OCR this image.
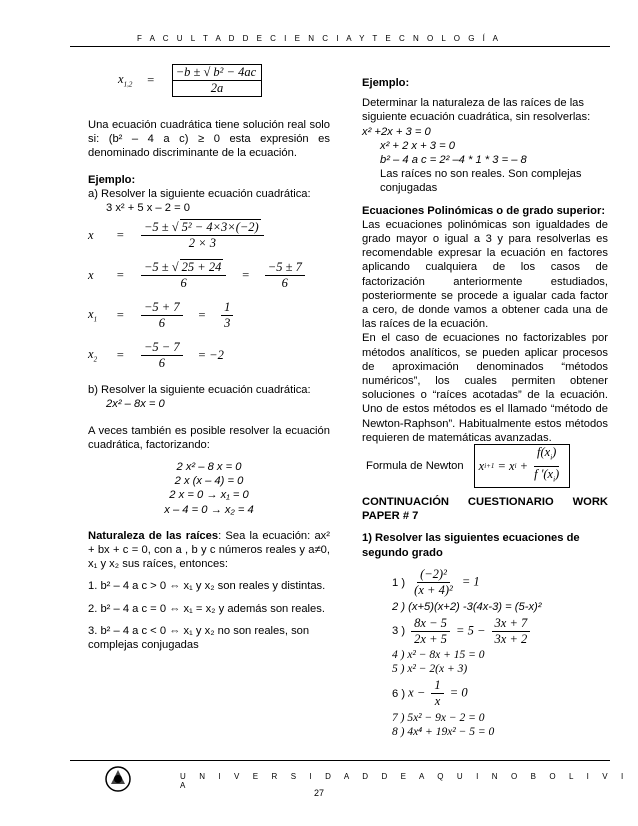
F A C U L T A D D E C I E N C I A Y T E C N O L O G Í A
$x_{1,2} = \frac{\text{−b ± √ b² − 4ac}}{2a}$

Una ecuación cuadrática tiene solución real solo si: (b² – 4 a c) ≥ 0 esta expresión es denominado discriminante de la ecuación.

Ejemplo:

a) Resolver la siguiente ecuación cuadrática:

3 x² + 5 x – 2 = 0

x	=	$\frac{\text{−5 ± √ 5² − 4×3×(−2)}}{2 \times 3}$
x	=	$\frac{-5 \pm √ 25 + 24}{6} = \frac{-5 \pm 7}{6}$
$x_1$	=	$\frac{-5 + 7}{6} = \frac{1}{3}$
$x_2$	=	$\frac{-5 - 7}{6} = -2$

b) Resolver la siguiente ecuación cuadrática:

2x² – 8x = 0

A veces también es posible resolver la ecuación cuadrática, factorizando:

2 x² – 8 x = 0

2 x (x – 4) = 0

2 x = 0 → x₁ = 0

x – 4 = 0 → x₂ = 4

Naturaleza de las raíces: Sea la ecuación: ax² + bx + c = 0, con a , b y c números reales y a≠0, x₁ y x₂ sus raíces, entonces:

1. b² – 4 a c > 0 ⇔ x₁ y x₂ son reales y distintas.

2. b² – 4 a c = 0 ⇔ x₁ = x₂ y además son reales.

3. b² – 4 a c < 0 ⇔ x₁ y x₂ no son reales, son complejas conjugadas

Ejemplo:

Determinar la naturaleza de las raíces de las siguiente ecuación cuadrática, sin resolverlas:

x² +2x + 3 = 0

x² + 2 x + 3 = 0

b² – 4 a c = 2² –4 * 1 * 3 = – 8

Las raíces no son reales. Son complejas conjugadas

Ecuaciones Polinómicas o de grado superior:

Las ecuaciones polinómicas son igualdades de grado mayor o igual a 3 y para resolverlas es recomendable expresar la ecuación en factores aplicando cualquiera de los casos de factorización anteriormente estudiados, posteriormente se procede a igualar cada factor a cero, de donde vamos a obtener cada una de las raíces de la ecuación.

En el caso de ecuaciones no factorizables por métodos analíticos, se pueden aplicar procesos de aproximación denominados “métodos numéricos”, los cuales permiten obtener soluciones o “raíces acotadas” de la ecuación. Uno de estos métodos es el llamado “método de Newton-Raphson”. Habitualmente estos métodos requieren de matemáticas avanzadas.

Formula de Newton	x i+1 = x $i + \frac{f(x_i)}{f '(x_i)}$

CONTINUACIÓN CUESTIONARIO WORK PAPER # 7

1) Resolver las siguientes ecuaciones de segundo grado

1 ) $\frac{\text{(−2)²}}{\text{(x + 4)²}} = 1$

2 ) (x+5)(x+2) -3(4x-3) = (5-x)²

3 ) $\frac{8x - 5}{2x + 5} = 5 - \frac{3x + 7}{3x + 2}$

4 ) x² − 8x + 15 = 0

5 ) x² − 2(x + 3)

6 ) $x - \frac{1}{x} = 0$

7 ) 5x² − 9x − 2 = 0

8 ) 4x⁴ + 19x² − 5 = 0

U N I V E R S I D A D D E A Q U I N O B O L I V I A
27
